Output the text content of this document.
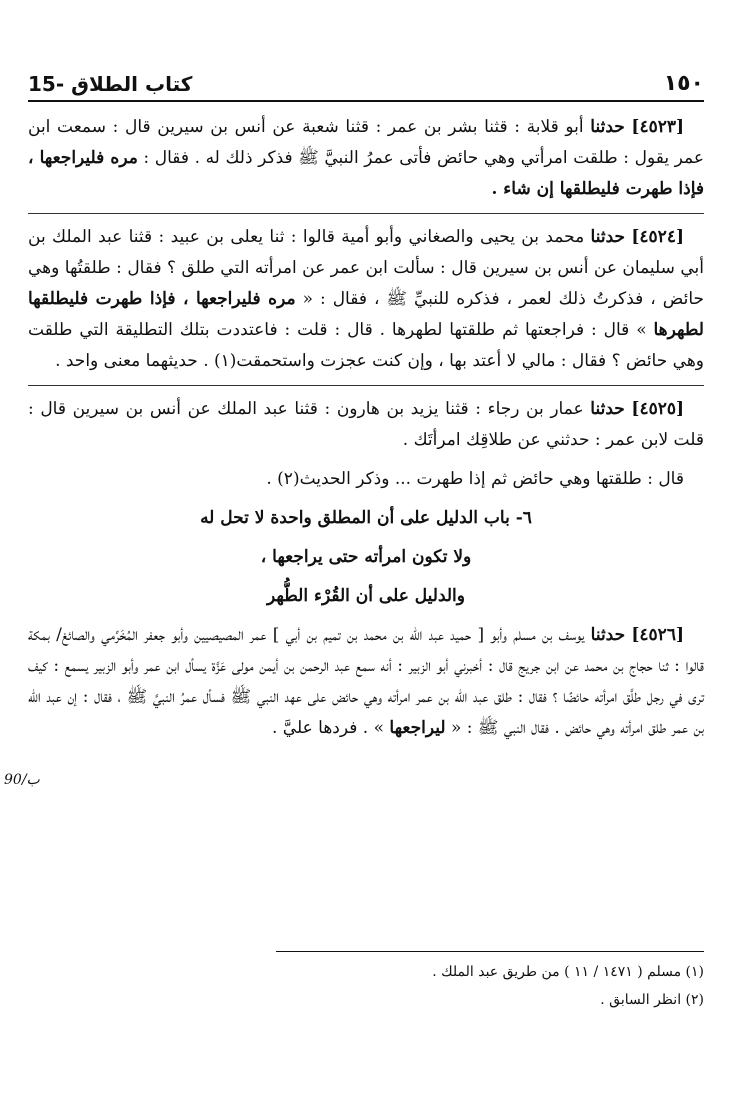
15- كتاب الطلاق	١٥٠

[٤٥٢٣] حدثنا أبو قلابة : قثنا بشر بن عمر : قثنا شعبة عن أنس بن سيرين قال : سمعت ابن عمر يقول : طلقت امرأتي وهي حائض فأتى عمرُ النبيَّ ﷺ فذكر ذلك له . فقال : مره فليراجعها ، فإذا طهرت فليطلقها إن شاء .

[٤٥٢٤] حدثنا محمد بن يحيى والصغاني وأبو أمية قالوا : ثنا يعلى بن عبيد : قثنا عبد الملك بن أبي سليمان عن أنس بن سيرين قال : سألت ابن عمر عن امرأته التي طلق ؟ فقال : طلقتُها وهي حائض ، فذكرتُ ذلك لعمر ، فذكره للنبيِّ ﷺ ، فقال : « مره فليراجعها ، فإذا طهرت فليطلقها لطهرها » قال : فراجعتها ثم طلقتها لطهرها . قال : قلت : فاعتددت بتلك التطليقة التي طلقت وهي حائض ؟ فقال : مالي لا أعتد بها ، وإن كنت عجزت واستحمقت(١) . حديثهما معنى واحد .

[٤٥٢٥] حدثنا عمار بن رجاء : قثنا يزيد بن هارون : قثنا عبد الملك عن أنس بن سيرين قال : قلت لابن عمر : حدثني عن طلاقِك امرأتَك .

قال : طلقتها وهي حائض ثم إذا طهرت ... وذكر الحديث(٢) .

٦- باب الدليل على أن المطلق واحدة لا تحل له

ولا تكون امرأته حتى يراجعها ،

والدليل على أن القُرْء الطُّهر

[٤٥٢٦] حدثنا يوسف بن مسلم وأبو [ حميد عبد الله بن محمد بن تميم بن أبي ] عمر المصيصيين وأبو جعفر المُخَرِّمي والصائغ/ بمكة قالوا : ثنا حجاج بن محمد عن ابن جريج قال : أخبرني أبو الزبير : أنه سمع عبد الرحمن بن أيمن مولى عَزَّة يسأل ابن عمر وأبو الزبير يسمع : كيف ترى في رجل طلَّق امرأته حائضًا ؟ فقال : طلق عبد الله بن عمر امرأته وهي حائض على عهد النبي ﷺ فسأل عمرُ النبيَّ ﷺ ، فقال : إن عبد الله بن عمر طلق امرأته وهي حائض . فقال النبي ﷺ : « ليراجعها » . فردها عليَّ .

90/ب
(١) مسلم ( ١٤٧١ / ١١ ) من طريق عبد الملك .
(٢) انظر السابق .
